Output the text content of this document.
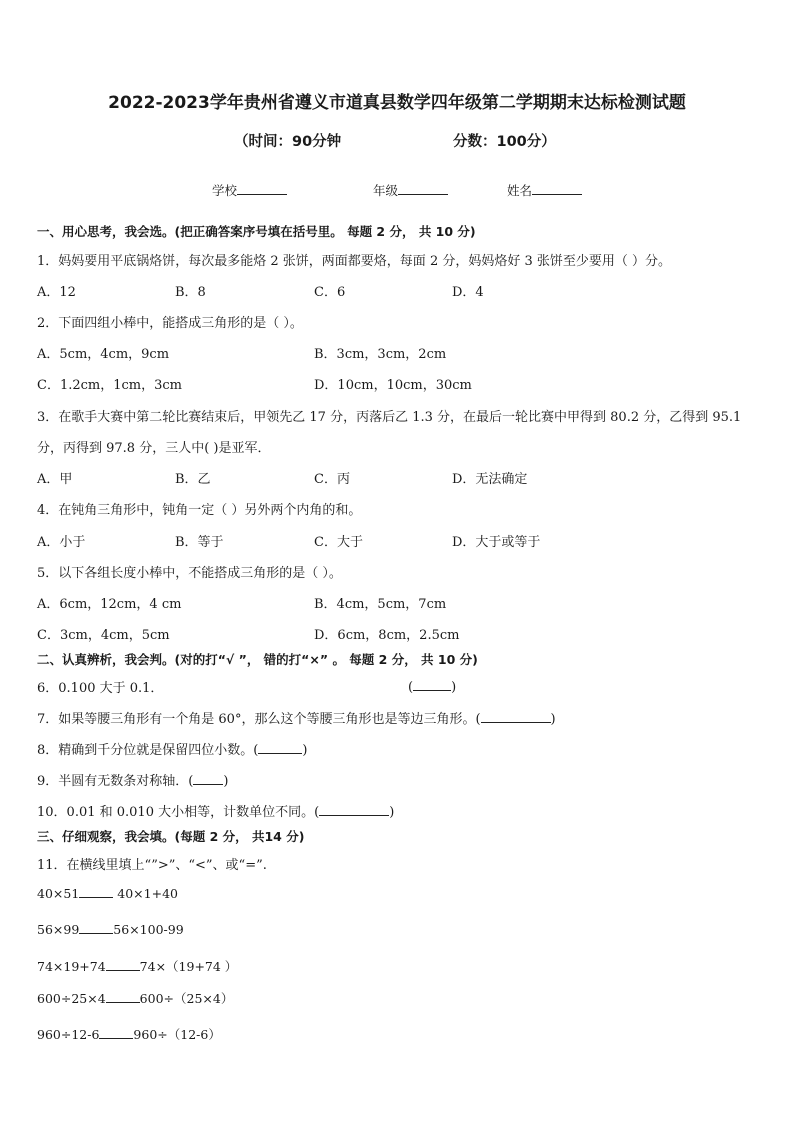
2022-2023学年贵州省遵义市道真县数学四年级第二学期期末达标检测试题
（时间：90分钟	分数：100分）
学校	年级	姓名
一、用心思考，我会选。(把正确答案序号填在括号里。 每题 2 分， 共 10 分)
1．妈妈要用平底锅烙饼，每次最多能烙 2 张饼，两面都要烙，每面 2 分，妈妈烙好 3 张饼至少要用（ ）分。
A．12	B．8	C．6	D．4
2．下面四组小棒中，能搭成三角形的是（ ）。
A．5cm，4cm，9cm	B．3cm，3cm，2cm
C．1.2cm，1cm，3cm	D．10cm，10cm，30cm
3．在歌手大赛中第二轮比赛结束后，甲领先乙 17 分，丙落后乙 1.3 分，在最后一轮比赛中甲得到 80.2 分，乙得到 95.1
分，丙得到 97.8 分，三人中( )是亚军．
A．甲	B．乙	C．丙	D．无法确定
4．在钝角三角形中，钝角一定（ ）另外两个内角的和。
A．小于	B．等于	C．大于	D．大于或等于
5．以下各组长度小棒中，不能搭成三角形的是（ ）。
A．6cm，12cm，4 cm	B．4cm，5cm，7cm
C．3cm，4cm，5cm	D．6cm，8cm，2.5cm
二、认真辨析，我会判。(对的打“√ ”， 错的打“×” 。 每题 2 分， 共 10 分)
6．0.100 大于 0.1．	(	)
7．如果等腰三角形有一个角是 60°，那么这个等腰三角形也是等边三角形。(	)
8．精确到千分位就是保留四位小数。(	)
9．半圆有无数条对称轴．( )
10．0.01 和 0.010 大小相等，计数单位不同。(	)
三、仔细观察，我会填。(每题 2 分， 共14 分)
11．在横线里填上“”>”、“<”、或“=”.
40×51	40×1+40
56×99	56×100-99
74×19+74	74×（19+74 ）
600÷25×4	600÷（25×4）
960÷12-6	960÷（12-6）
